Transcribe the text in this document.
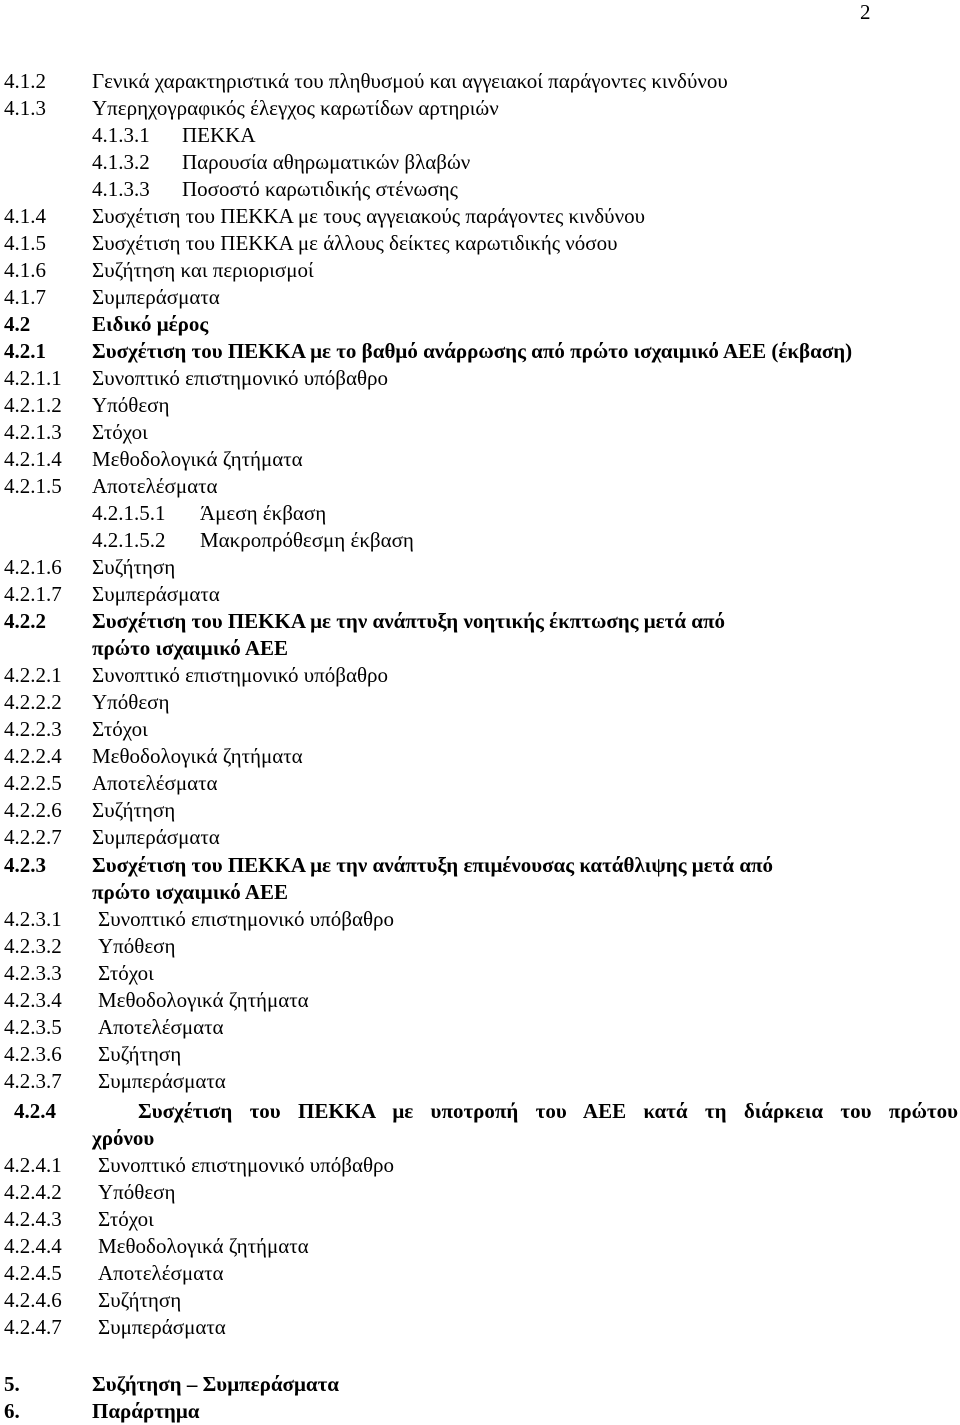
2
4.1.2 Γενικά χαρακτηριστικά του πληθυσμού και αγγειακοί παράγοντες κινδύνου
4.1.3 Υπερηχογραφικός έλεγχος καρωτίδων αρτηριών
4.1.3.1 ΠΕΚΚΑ
4.1.3.2 Παρουσία αθηρωματικών βλαβών
4.1.3.3 Ποσοστό καρωτιδικής στένωσης
4.1.4 Συσχέτιση του ΠΕΚΚΑ με τους αγγειακούς παράγοντες κινδύνου
4.1.5 Συσχέτιση του ΠΕΚΚΑ με άλλους δείκτες καρωτιδικής νόσου
4.1.6 Συζήτηση και περιορισμοί
4.1.7 Συμπεράσματα
4.2	Ειδικό μέρος
4.2.1 Συσχέτιση του ΠΕΚΚΑ με το βαθμό ανάρρωσης από πρώτο ισχαιμικό ΑΕΕ (έκβαση)
4.2.1.1 Συνοπτικό επιστημονικό υπόβαθρο
4.2.1.2 Υπόθεση
4.2.1.3 Στόχοι
4.2.1.4 Μεθοδολογικά ζητήματα
4.2.1.5 Αποτελέσματα
4.2.1.5.1 Άμεση έκβαση
4.2.1.5.2 Μακροπρόθεσμη έκβαση
4.2.1.6 Συζήτηση
4.2.1.7 Συμπεράσματα
4.2.2 Συσχέτιση του ΠΕΚΚΑ με την ανάπτυξη νοητικής έκπτωσης μετά από
πρώτο ισχαιμικό ΑΕΕ
4.2.2.1 Συνοπτικό επιστημονικό υπόβαθρο
4.2.2.2 Υπόθεση
4.2.2.3 Στόχοι
4.2.2.4 Μεθοδολογικά ζητήματα
4.2.2.5 Αποτελέσματα
4.2.2.6 Συζήτηση
4.2.2.7 Συμπεράσματα
4.2.3 Συσχέτιση του ΠΕΚΚΑ με την ανάπτυξη επιμένουσας κατάθλιψης μετά από
πρώτο ισχαιμικό ΑΕΕ
4.2.3.1 Συνοπτικό επιστημονικό υπόβαθρο
4.2.3.2 Υπόθεση
4.2.3.3 Στόχοι
4.2.3.4 Μεθοδολογικά ζητήματα
4.2.3.5 Αποτελέσματα
4.2.3.6 Συζήτηση
4.2.3.7 Συμπεράσματα
4.2.4	Συσχέτιση του ΠΕΚΚΑ με υποτροπή του ΑΕΕ κατά τη διάρκεια του πρώτου
χρόνου
4.2.4.1 Συνοπτικό επιστημονικό υπόβαθρο
4.2.4.2 Υπόθεση
4.2.4.3 Στόχοι
4.2.4.4 Μεθοδολογικά ζητήματα
4.2.4.5 Αποτελέσματα
4.2.4.6 Συζήτηση
4.2.4.7 Συμπεράσματα
5.	Συζήτηση – Συμπεράσματα
6.	Παράρτημα
